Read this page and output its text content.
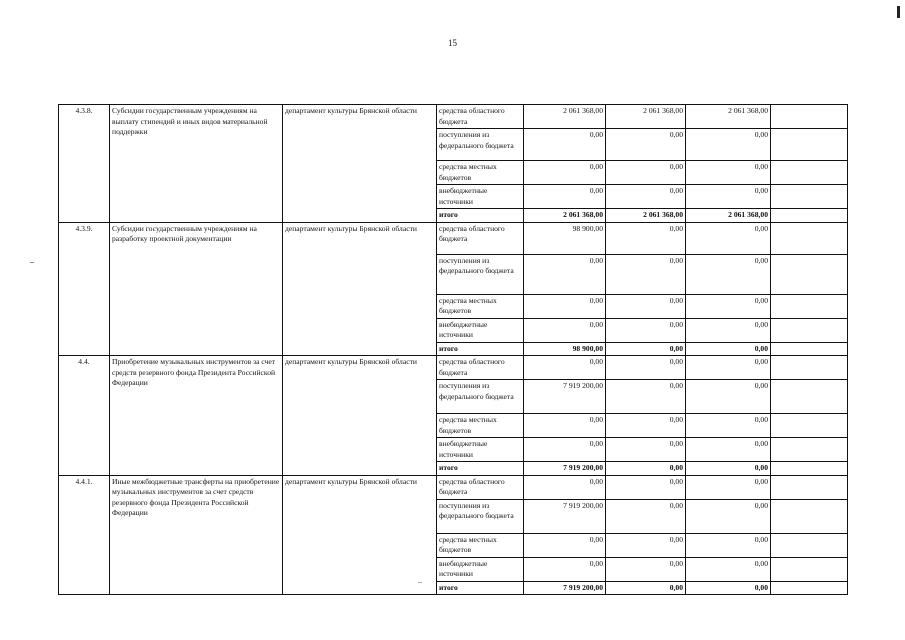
15
4.3.8.	Субсидии государственным учреждениям на выплату стипендий и иных видов материальной поддержки	департамент культуры Брянской области	средства областного бюджета	2 061 368,00	2 061 368,00	2 061 368,00	
			поступления из федерального бюджета	0,00	0,00	0,00	
			средства местных бюджетов	0,00	0,00	0,00	
			внебюджетные источники	0,00	0,00	0,00	
			итого	2 061 368,00	2 061 368,00	2 061 368,00	
4.3.9.	Субсидии государственным учреждениям на разработку проектной документации	департамент культуры Брянской области	средства областного бюджета	98 900,00	0,00	0,00	
			поступления из федерального бюджета	0,00	0,00	0,00	
			средства местных бюджетов	0,00	0,00	0,00	
			внебюджетные источники	0,00	0,00	0,00	
			итого	98 900,00	0,00	0,00	
4.4.	Приобретение музыкальных инструментов за счет средств резервного фонда Президента Российской Федерации	департамент культуры Брянской области	средства областного бюджета	0,00	0,00	0,00	
			поступления из федерального бюджета	7 919 200,00	0,00	0,00	
			средства местных бюджетов	0,00	0,00	0,00	
			внебюджетные источники	0,00	0,00	0,00	
			итого	7 919 200,00	0,00	0,00	
4.4.1.	Иные межбюджетные трансферты на приобретение музыкальных инструментов за счет средств резервного фонда Президента Российской Федерации	департамент культуры Брянской области	средства областного бюджета	0,00	0,00	0,00	
			поступления из федерального бюджета	7 919 200,00	0,00	0,00	
			средства местных бюджетов	0,00	0,00	0,00	
			внебюджетные источники	0,00	0,00	0,00	
			итого	7 919 200,00	0,00	0,00	
